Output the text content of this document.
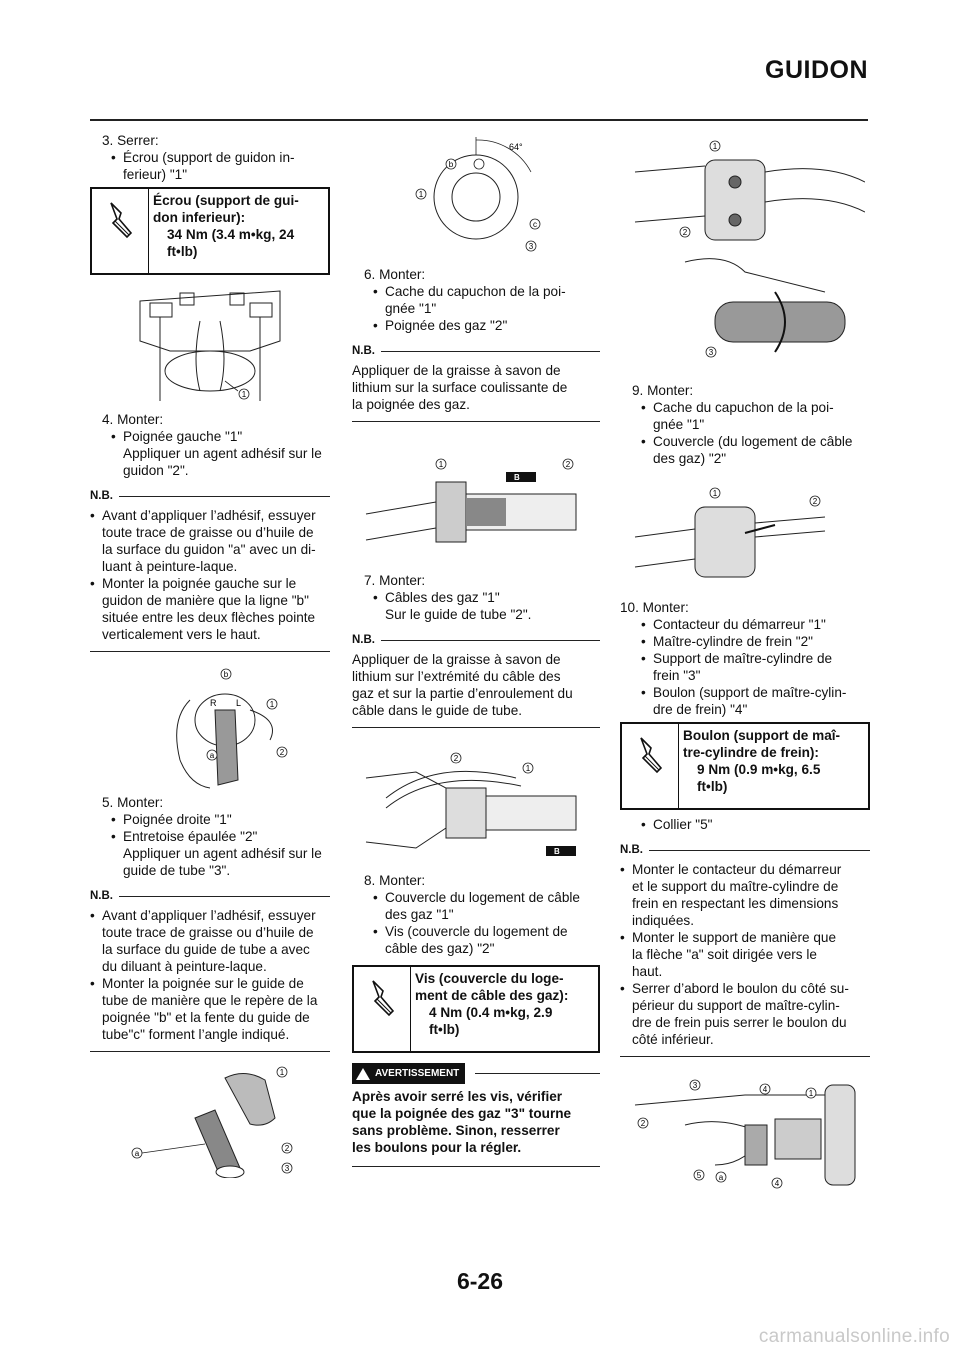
GUIDON
3. Serrer:
• Écrou (support de guidon in-
ferieur) "1"
Écrou (support de gui-
don inferieur):
34 Nm (3.4 m•kg, 24
ft•lb)
1
4. Monter:
• Poignée gauche "1"
Appliquer un agent adhésif sur le
guidon "2".
N.B.
• Avant d’appliquer l’adhésif, essuyer
toute trace de graisse ou d’huile de
la surface du guidon "a" avec un di-
luant à peinture-laque.
• Monter la poignée gauche sur le
guidon de manière que la ligne "b"
située entre les deux flèches pointe
verticalement vers le haut.
b
1
a	2
R L
5. Monter:
• Poignée droite "1"
• Entretoise épaulée "2"
Appliquer un agent adhésif sur le
guide de tube "3".
N.B.
• Avant d’appliquer l’adhésif, essuyer
toute trace de graisse ou d’huile de
la surface du guide de tube a avec
du diluant à peinture-laque.
• Monter la poignée sur le guide de
tube de manière que le repère de la
poignée "b" et la fente du guide de
tube"c" forment l’angle indiqué.
1
a
2
3
64°
b
1
c
3
6. Monter:
• Cache du capuchon de la poi-
gnée "1"
• Poignée des gaz "2"
N.B.
Appliquer de la graisse à savon de
lithium sur la surface coulissante de
la poignée des gaz.
1	2
B
7. Monter:
• Câbles des gaz "1"
Sur le guide de tube "2".
N.B.
Appliquer de la graisse à savon de
lithium sur l’extrémité du câble des
gaz et sur la partie d’enroulement du
câble dans le guide de tube.
2
1
B
8. Monter:
• Couvercle du logement de câble
des gaz "1"
• Vis (couvercle du logement de
câble des gaz) "2"
Vis (couvercle du loge-
ment de câble des gaz):
4 Nm (0.4 m•kg, 2.9
ft•lb)
AVERTISSEMENT
Après avoir serré les vis, vérifier
que la poignée des gaz "3" tourne
sans problème. Sinon, resserrer
les boulons pour la régler.
1
2
3
9. Monter:
• Cache du capuchon de la poi-
gnée "1"
• Couvercle (du logement de câble
des gaz) "2"
1
2
10. Monter:
• Contacteur du démarreur "1"
• Maître-cylindre de frein "2"
• Support de maître-cylindre de
frein "3"
• Boulon (support de maître-cylin-
dre de frein) "4"
Boulon (support de maî-
tre-cylindre de frein):
9 Nm (0.9 m•kg, 6.5
ft•lb)
• Collier "5"
N.B.
• Monter le contacteur du démarreur
et le support du maître-cylindre de
frein en respectant les dimensions
indiquées.
• Monter le support de manière que
la flèche "a" soit dirigée vers le
haut.
• Serrer d’abord le boulon du côté su-
périeur du support de maître-cylin-
dre de frein puis serrer le boulon du
côté inférieur.
3	4	1
2
5 a
4
6-26
carmanualsonline.info
